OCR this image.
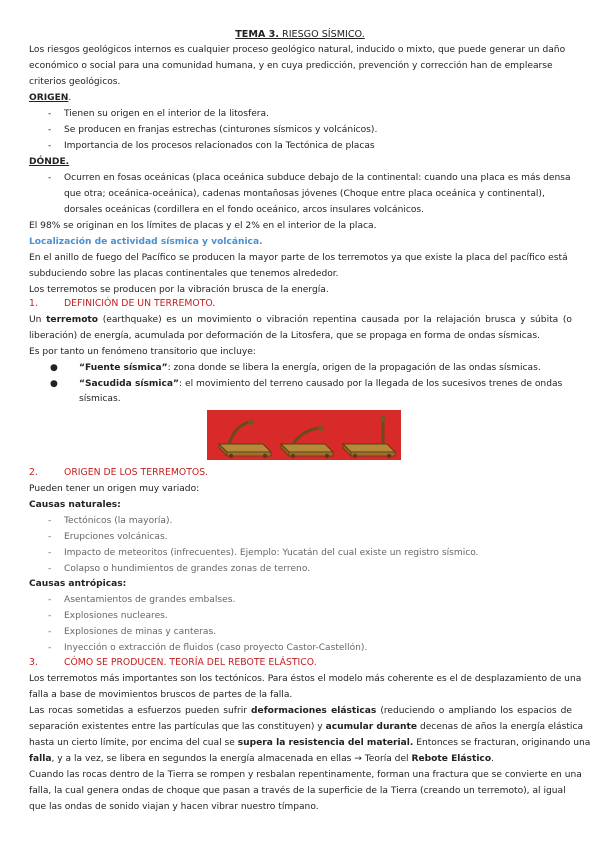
TEMA 3. RIESGO SÍSMICO.
Los riesgos geológicos internos es cualquier proceso geológico natural, inducido o mixto, que puede generar un daño
económico o social para una comunidad humana, y en cuya predicción, prevención y corrección han de emplearse
criterios geológicos.
ORIGEN.
- Tienen su origen en el interior de la litosfera.
- Se producen en franjas estrechas (cinturones sísmicos y volcánicos).
- Importancia de los procesos relacionados con la Tectónica de placas
DÓNDE.
- Ocurren en fosas oceánicas (placa oceánica subduce debajo de la continental: cuando una placa es más densa
que otra; oceánica-oceánica), cadenas montañosas jóvenes (Choque entre placa oceánica y continental),
dorsales oceánicas (cordillera en el fondo oceánico, arcos insulares volcánicos.
El 98% se originan en los límites de placas y el 2% en el interior de la placa.
Localización de actividad sísmica y volcánica.
En el anillo de fuego del Pacífico se producen la mayor parte de los terremotos ya que existe la placa del pacífico está
subduciendo sobre las placas continentales que tenemos alrededor.
Los terremotos se producen por la vibración brusca de la energía.
1.	DEFINICIÓN DE UN TERREMOTO.
Un terremoto (earthquake) es un movimiento o vibración repentina causada por la relajación brusca y súbita (o
liberación) de energía, acumulada por deformación de la Litosfera, que se propaga en forma de ondas sísmicas.
Es por tanto un fenómeno transitorio que incluye:
● “Fuente sísmica”: zona donde se libera la energía, origen de la propagación de las ondas sísmicas.
● “Sacudida sísmica”: el movimiento del terreno causado por la llegada de los sucesivos trenes de ondas
sísmicas.
2.	ORIGEN DE LOS TERREMOTOS.
Pueden tener un origen muy variado:
Causas naturales:
- Tectónicos (la mayoría).
- Erupciones volcánicas.
- Impacto de meteoritos (infrecuentes). Ejemplo: Yucatán del cual existe un registro sísmico.
- Colapso o hundimientos de grandes zonas de terreno.
Causas antrópicas:
- Asentamientos de grandes embalses.
- Explosiones nucleares.
- Explosiones de minas y canteras.
- Inyección o extracción de fluidos (caso proyecto Castor-Castellón).
3.	CÓMO SE PRODUCEN. TEORÍA DEL REBOTE ELÁSTICO.
Los terremotos más importantes son los tectónicos. Para éstos el modelo más coherente es el de desplazamiento de una
falla a base de movimientos bruscos de partes de la falla.
Las rocas sometidas a esfuerzos pueden sufrir deformaciones elásticas (reduciendo o ampliando los espacios de
separación existentes entre las partículas que las constituyen) y acumular durante decenas de años la energía elástica
hasta un cierto límite, por encima del cual se supera la resistencia del material. Entonces se fracturan, originando una
falla, y a la vez, se libera en segundos la energía almacenada en ellas → Teoría del Rebote Elástico.
Cuando las rocas dentro de la Tierra se rompen y resbalan repentinamente, forman una fractura que se convierte en una
falla, la cual genera ondas de choque que pasan a través de la superficie de la Tierra (creando un terremoto), al igual
que las ondas de sonido viajan y hacen vibrar nuestro tímpano.
